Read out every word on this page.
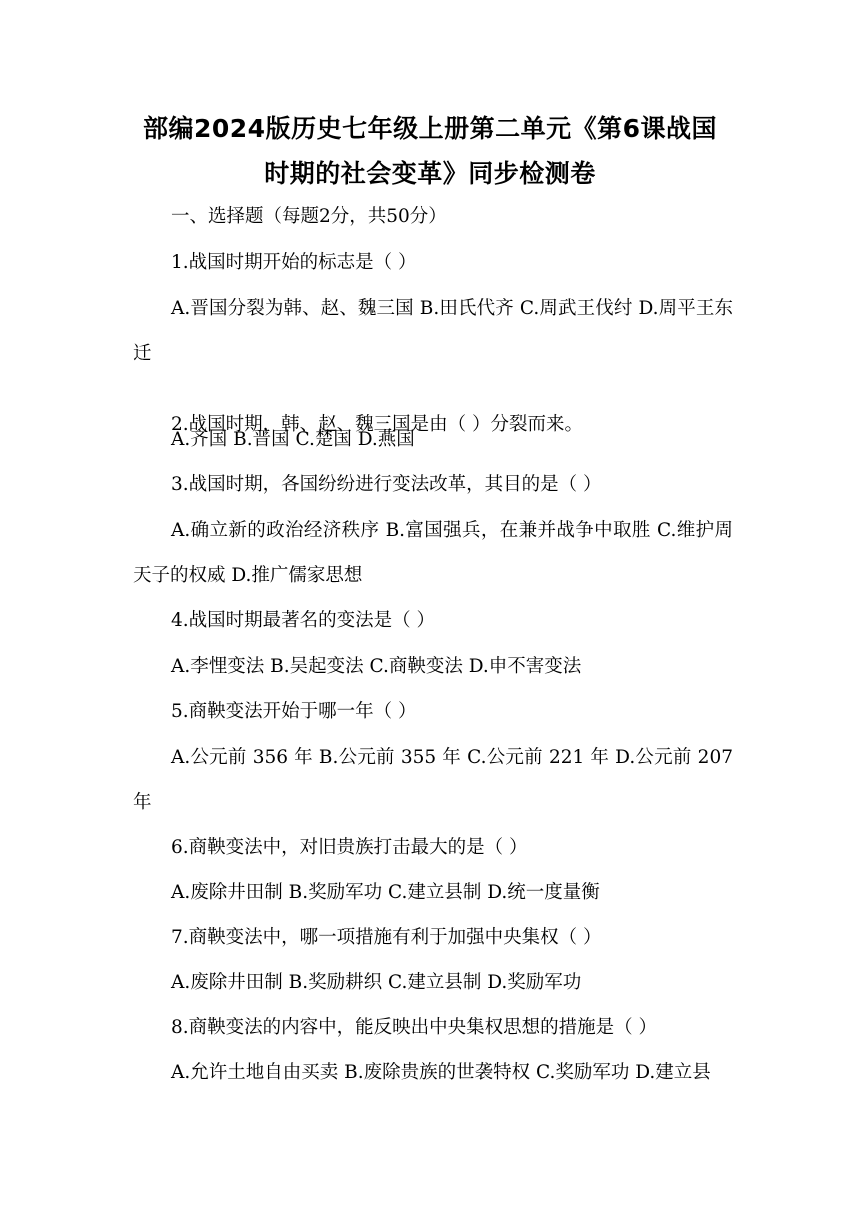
部编2024版历史七年级上册第二单元《第6课战国
时期的社会变革》同步检测卷
一、选择题（每题2分，共50分）
1.战国时期开始的标志是（ ）
A.晋国分裂为韩、赵、魏三国 B.田氏代齐 C.周武王伐纣 D.周平王东迁
2.战国时期，韩、赵、魏三国是由（ ）分裂而来。
A.齐国 B.晋国 C.楚国 D.燕国
3.战国时期，各国纷纷进行变法改革，其目的是（ ）
A.确立新的政治经济秩序 B.富国强兵，在兼并战争中取胜 C.维护周天子的权威 D.推广儒家思想
4.战国时期最著名的变法是（ ）
A.李悝变法 B.吴起变法 C.商鞅变法 D.申不害变法
5.商鞅变法开始于哪一年（ ）
A.公元前 356 年 B.公元前 355 年 C.公元前 221 年 D.公元前 207 年
6.商鞅变法中，对旧贵族打击最大的是（ ）
A.废除井田制 B.奖励军功 C.建立县制 D.统一度量衡
7.商鞅变法中，哪一项措施有利于加强中央集权（ ）
A.废除井田制 B.奖励耕织 C.建立县制 D.奖励军功
8.商鞅变法的内容中，能反映出中央集权思想的措施是（ ）
A.允许土地自由买卖 B.废除贵族的世袭特权 C.奖励军功 D.建立县
